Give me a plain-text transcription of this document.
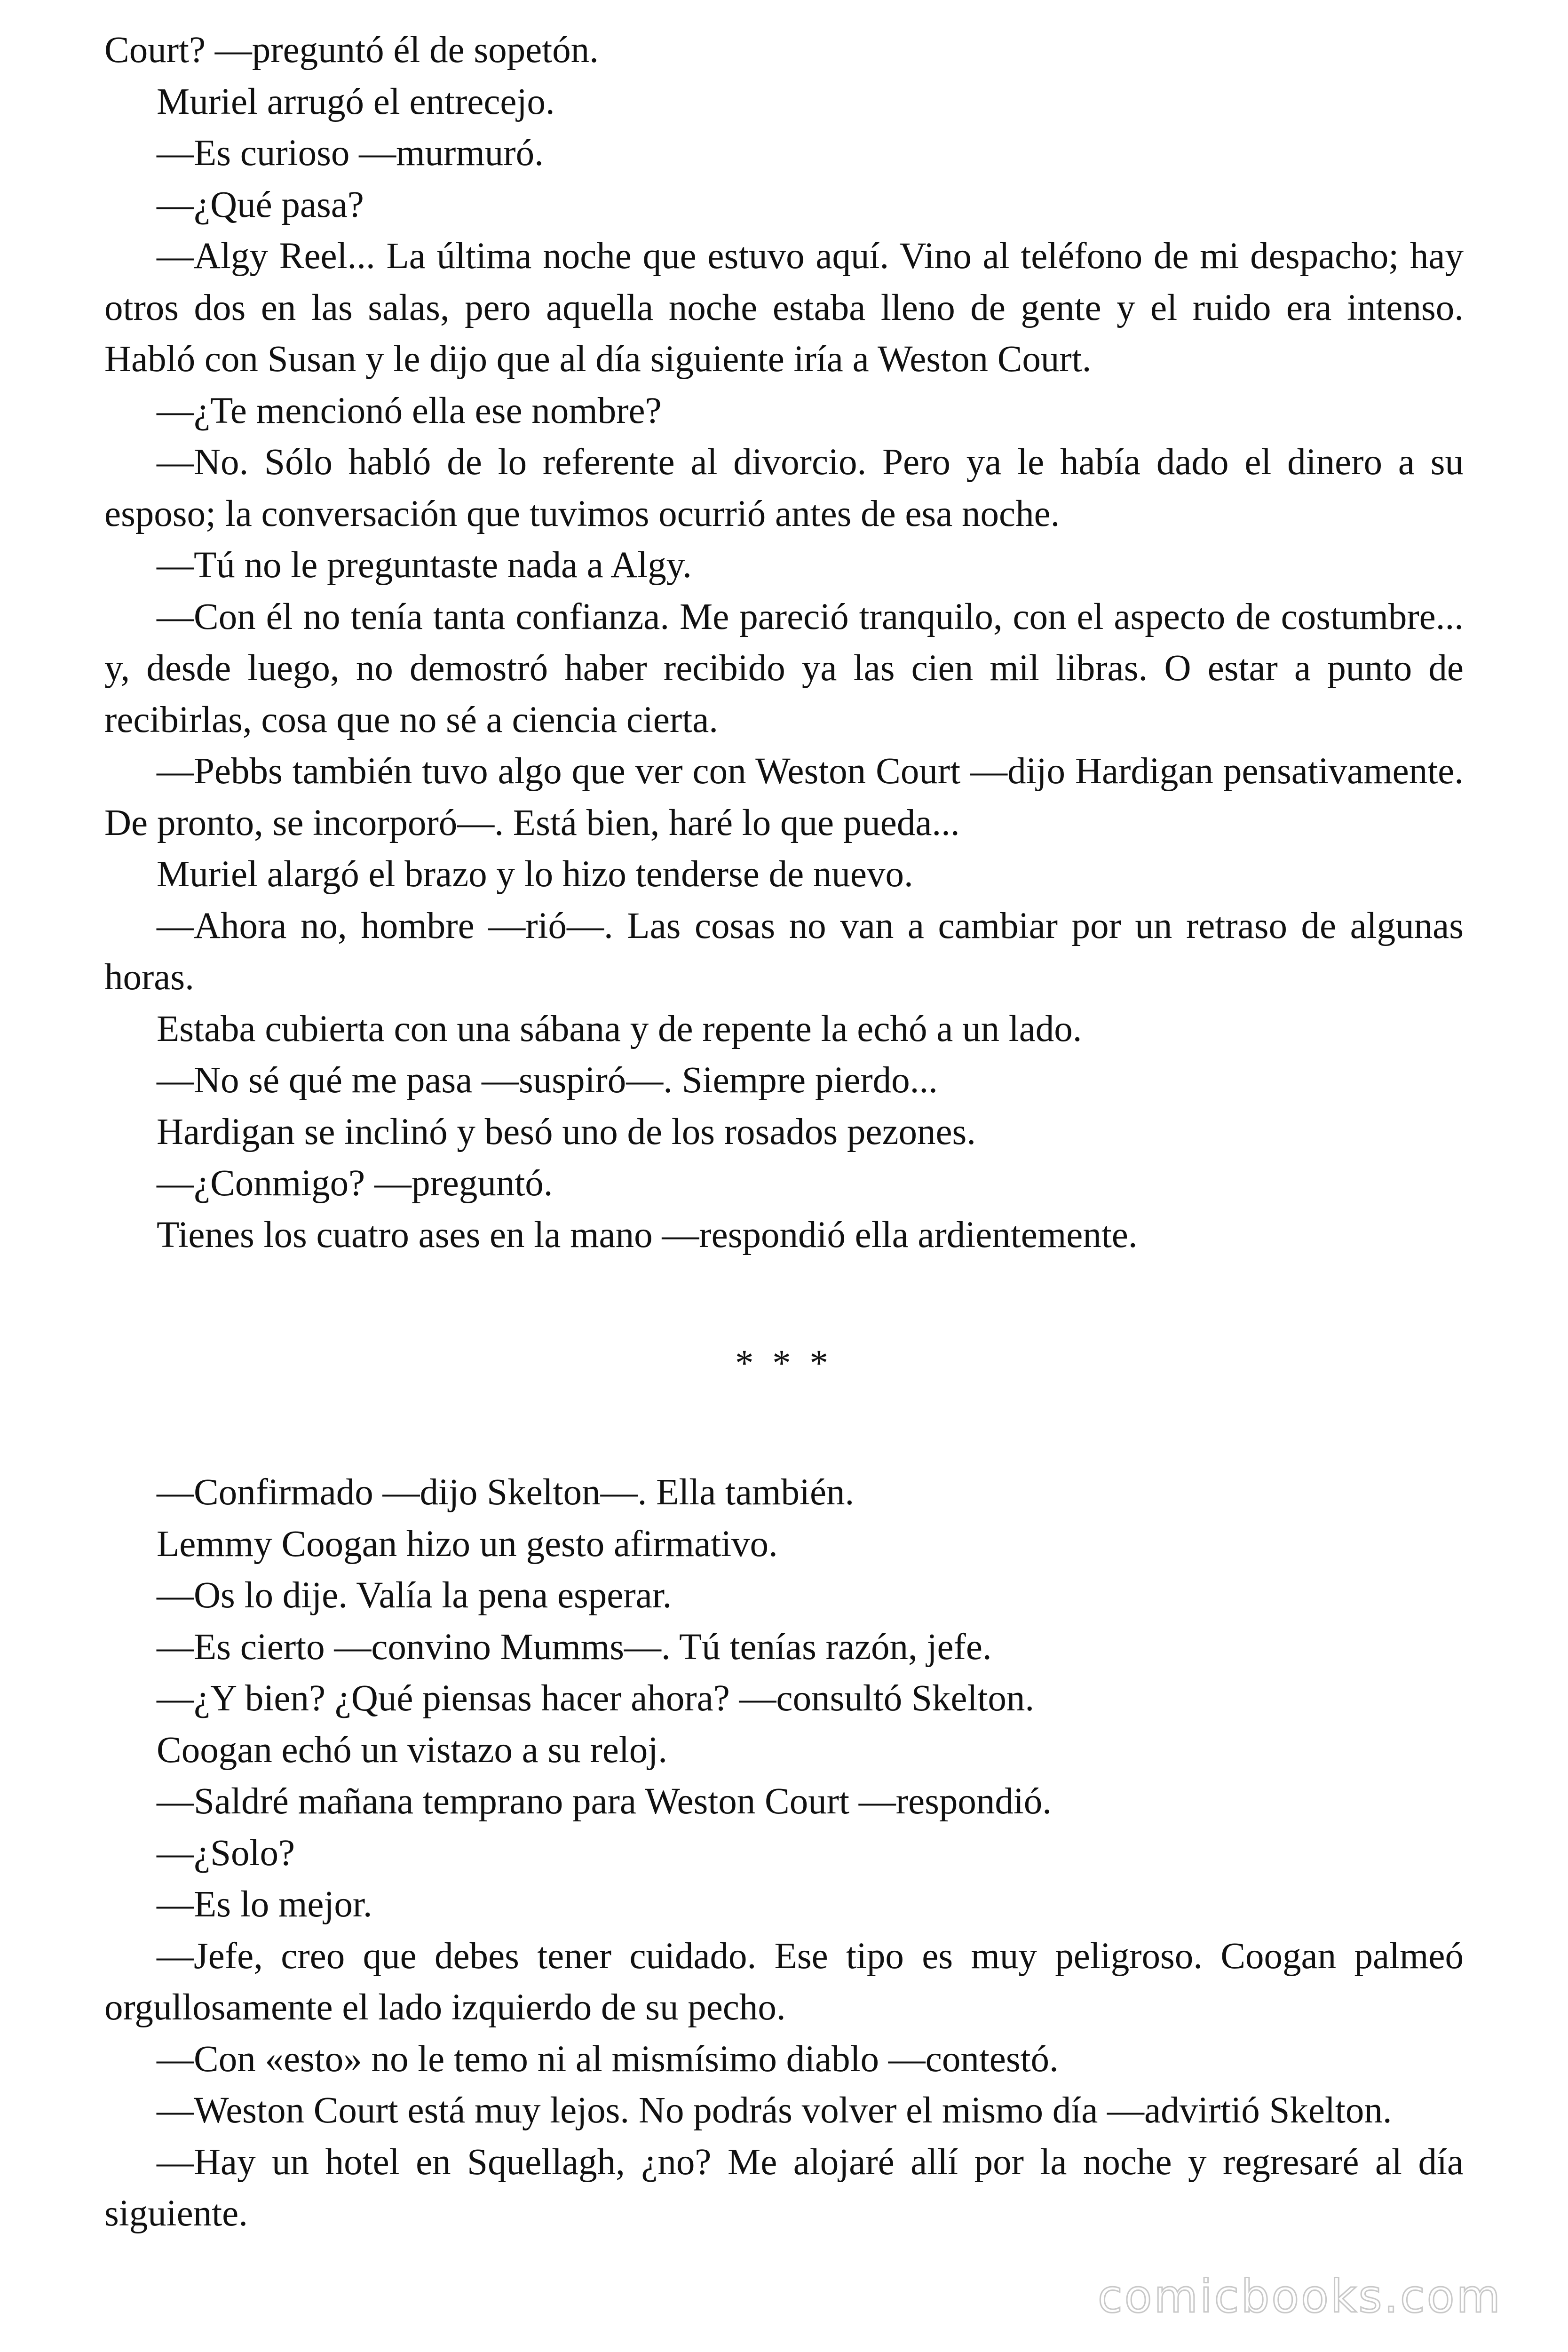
Court? —preguntó él de sopetón.

Muriel arrugó el entrecejo.

—Es curioso —murmuró.

—¿Qué pasa?

—Algy Reel... La última noche que estuvo aquí. Vino al teléfono de mi despacho; hay otros dos en las salas, pero aquella noche estaba lleno de gente y el ruido era intenso. Habló con Susan y le dijo que al día siguiente iría a Weston Court.

—¿Te mencionó ella ese nombre?

—No. Sólo habló de lo referente al divorcio. Pero ya le había dado el dinero a su esposo; la conversación que tuvimos ocurrió antes de esa noche.

—Tú no le preguntaste nada a Algy.

—Con él no tenía tanta confianza. Me pareció tranquilo, con el aspecto de costumbre... y, desde luego, no demostró haber recibido ya las cien mil libras. O estar a punto de recibirlas, cosa que no sé a ciencia cierta.

—Pebbs también tuvo algo que ver con Weston Court —dijo Hardigan pensativamente. De pronto, se incorporó—. Está bien, haré lo que pueda...

Muriel alargó el brazo y lo hizo tenderse de nuevo.

—Ahora no, hombre —rió—. Las cosas no van a cambiar por un retraso de algunas horas.

Estaba cubierta con una sábana y de repente la echó a un lado.

—No sé qué me pasa —suspiró—. Siempre pierdo...

Hardigan se inclinó y besó uno de los rosados pezones.

—¿Conmigo? —preguntó.

Tienes los cuatro ases en la mano —respondió ella ardientemente.

* * *

—Confirmado —dijo Skelton—. Ella también.

Lemmy Coogan hizo un gesto afirmativo.

—Os lo dije. Valía la pena esperar.

—Es cierto —convino Mumms—. Tú tenías razón, jefe.

—¿Y bien? ¿Qué piensas hacer ahora? —consultó Skelton.

Coogan echó un vistazo a su reloj.

—Saldré mañana temprano para Weston Court —respondió.

—¿Solo?

—Es lo mejor.

—Jefe, creo que debes tener cuidado. Ese tipo es muy peligroso. Coogan palmeó orgullosamente el lado izquierdo de su pecho.

—Con «esto» no le temo ni al mismísimo diablo —contestó.

—Weston Court está muy lejos. No podrás volver el mismo día —advirtió Skelton.

—Hay un hotel en Squellagh, ¿no? Me alojaré allí por la noche y regresaré al día siguiente.

comicbooks.com
